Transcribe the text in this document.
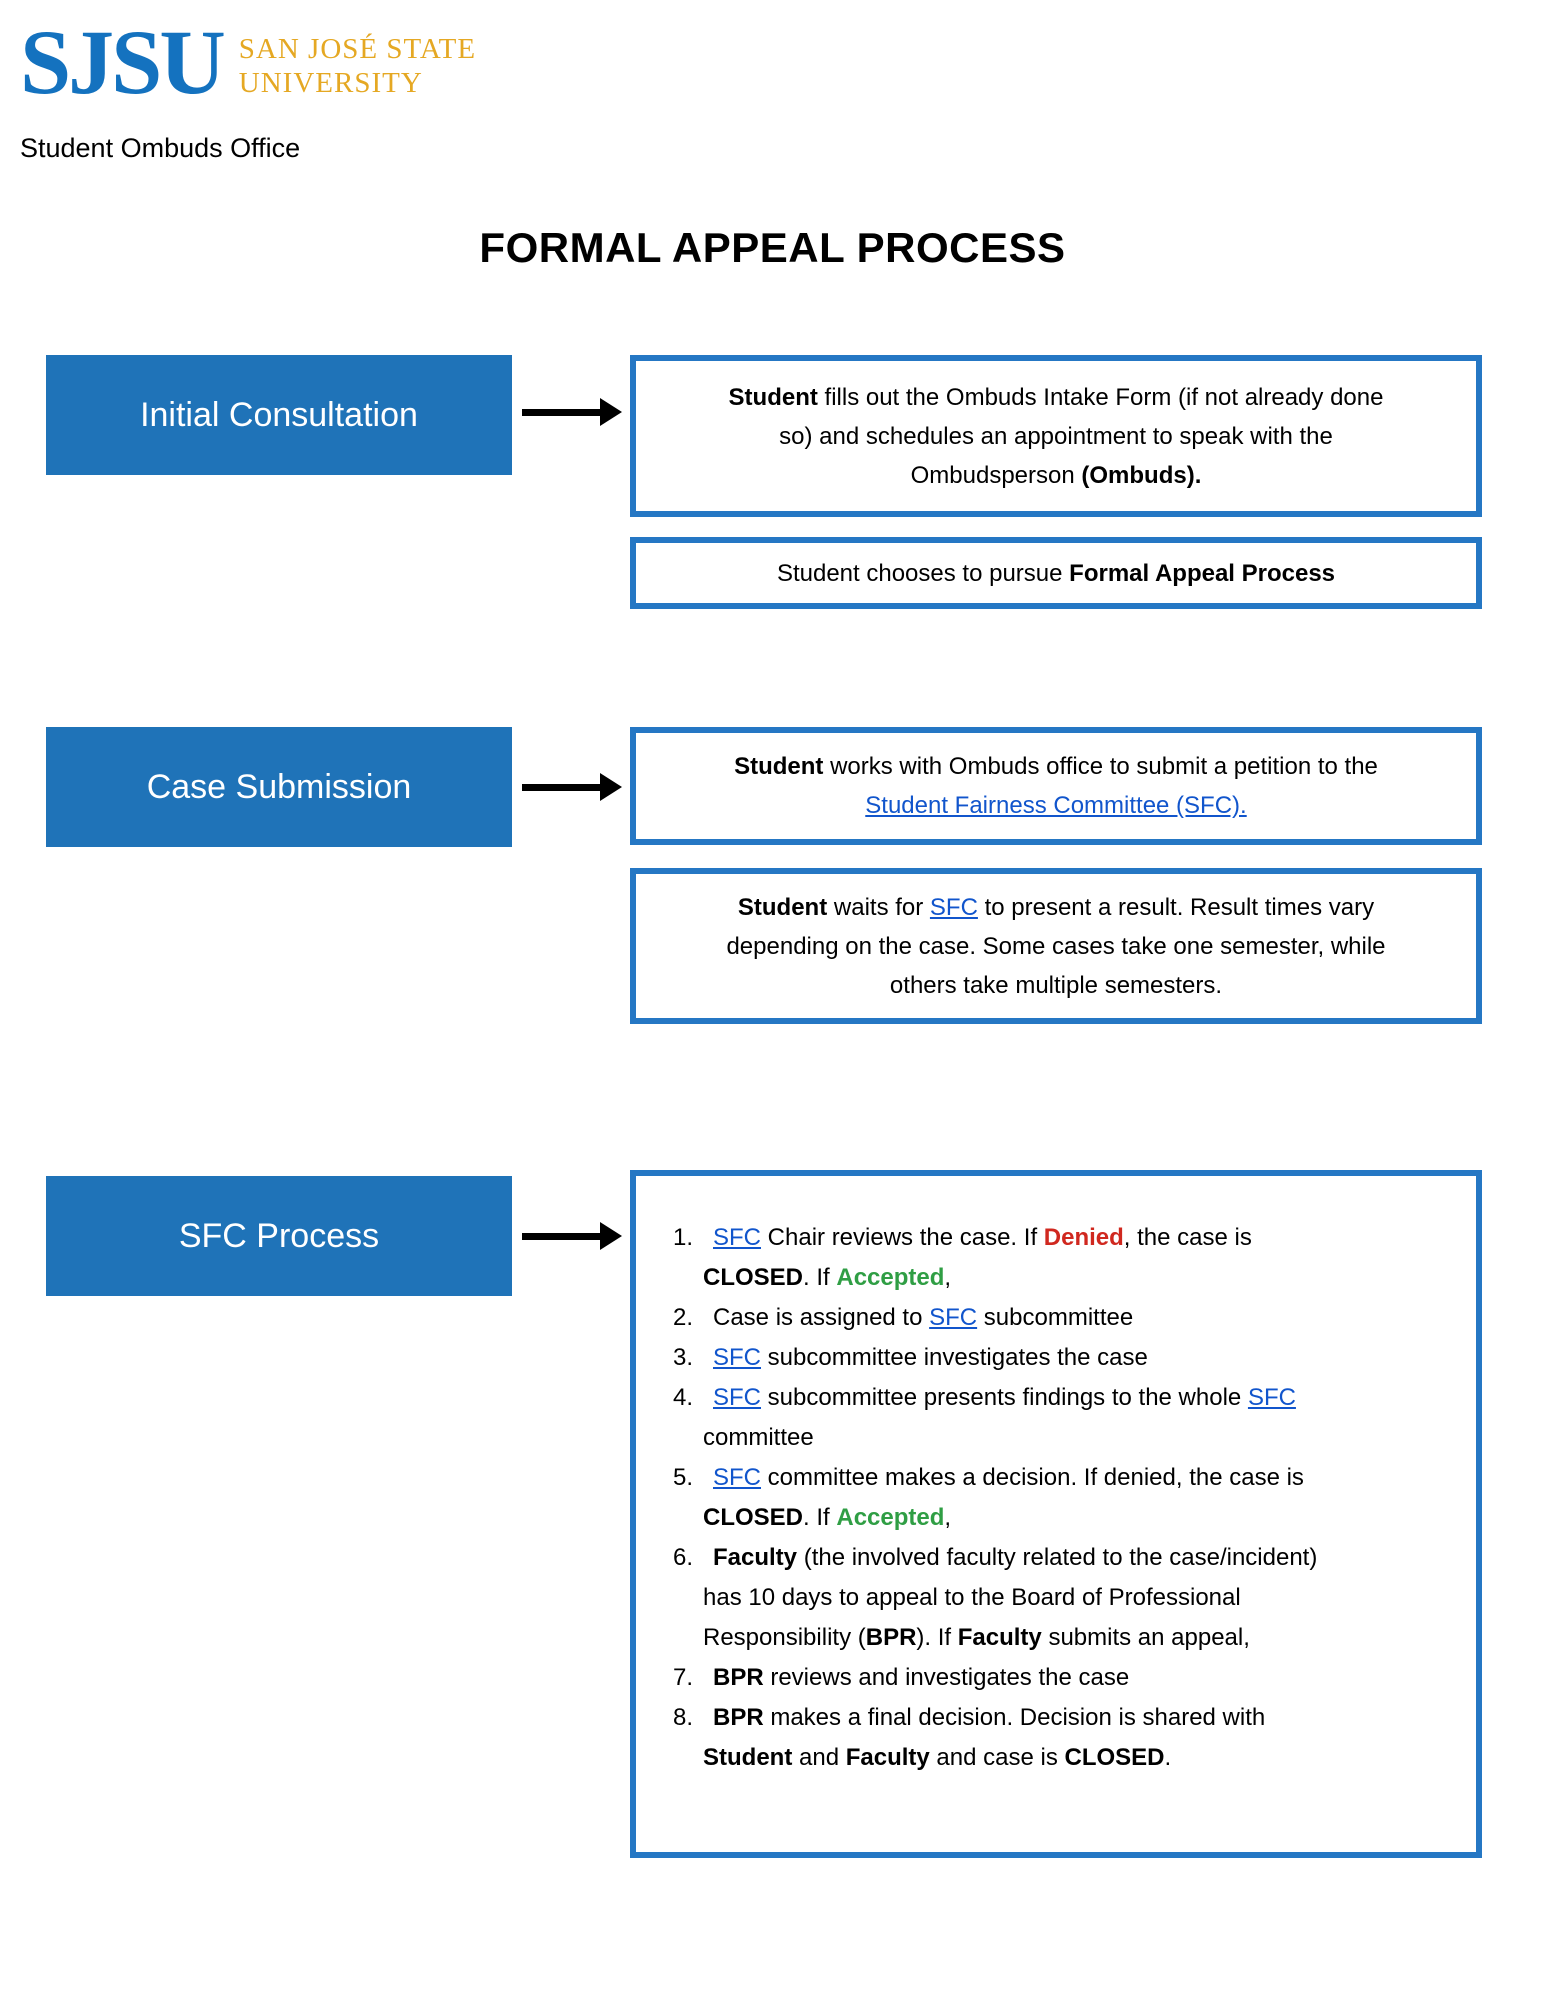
SJSU SAN JOSÉ STATE
UNIVERSITY
Student Ombuds Office
FORMAL APPEAL PROCESS
Initial Consultation	Student fills out the Ombuds Intake Form (if not already done
so) and schedules an appointment to speak with the
Ombudsperson (Ombuds).
Student chooses to pursue Formal Appeal Process
Case Submission
Student works with Ombuds office to submit a petition to the
Student Fairness Committee (SFC).
Student waits for SFC to present a result. Result times vary
depending on the case. Some cases take one semester, while
others take multiple semesters.
SFC Process	1. SFC Chair reviews the case. If Denied, the case is
CLOSED. If Accepted,
2. Case is assigned to SFC subcommittee
3. SFC subcommittee investigates the case
4. SFC subcommittee presents findings to the whole SFC
committee
5. SFC committee makes a decision. If denied, the case is
CLOSED. If Accepted,
6. Faculty (the involved faculty related to the case/incident)
has 10 days to appeal to the Board of Professional
Responsibility (BPR). If Faculty submits an appeal,
7. BPR reviews and investigates the case
8. BPR makes a final decision. Decision is shared with
Student and Faculty and case is CLOSED.
